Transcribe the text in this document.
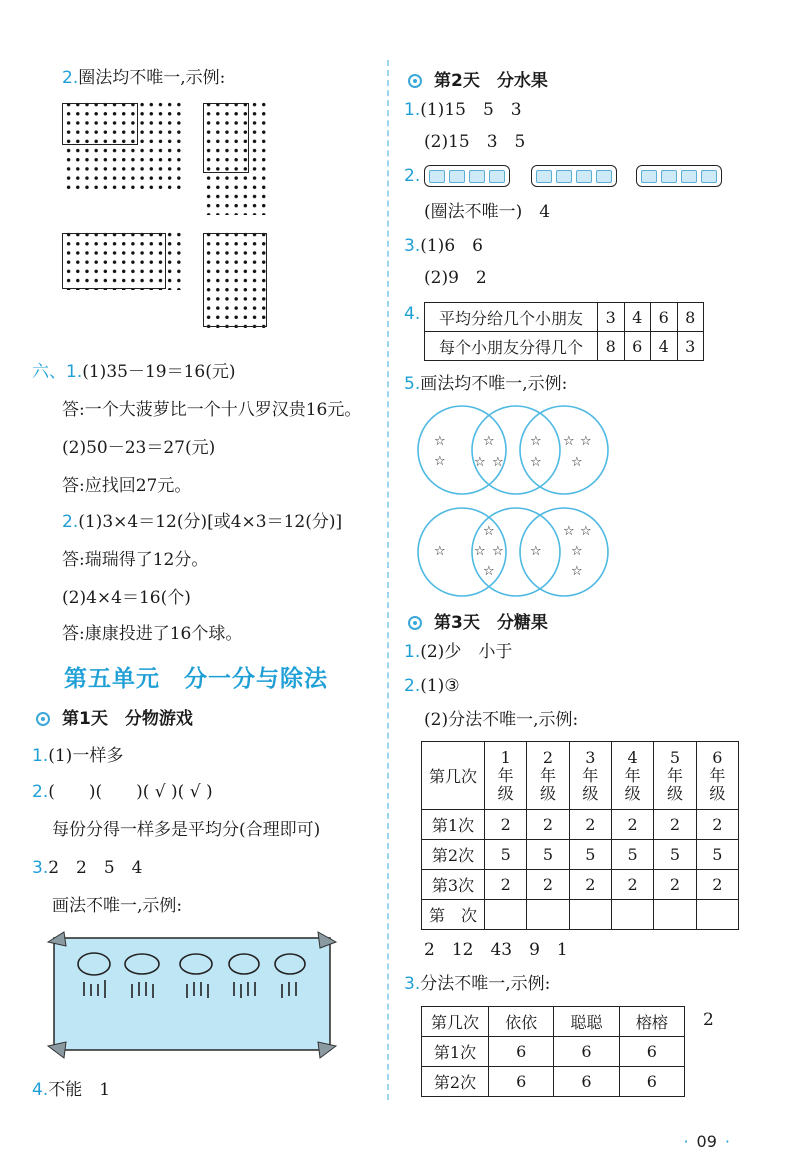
2.圈法均不唯一,示例:
六、1.(1)35－19＝16(元)
答:一个大菠萝比一个十八罗汉贵16元。
(2)50－23＝27(元)
答:应找回27元。
2.(1)3×4＝12(分)[或4×3＝12(分)]
答:瑞瑞得了12分。
(2)4×4＝16(个)
答:康康投进了16个球。
第五单元　分一分与除法
第1天　分物游戏
1.(1)一样多
2.(　　)(　　)( √ )( √ )
每份分得一样多是平均分(合理即可)
3.2　2　5　4
画法不唯一,示例:
4.不能　1
第2天　分水果
1.(1)15　5　3
(2)15　3　5
2.
(圈法不唯一)　4
3.(1)6　6
(2)9　2
4. 平均分给几个小朋友	3	4	6	8
每个小朋友分得几个	8	6	4	3
5.画法均不唯一,示例:
☆
☆
☆
☆ ☆
☆
☆
☆ ☆
☆
☆
☆
☆ ☆
☆
☆
☆ ☆
☆
☆
第3天　分糖果
1.(2)少　小于
2.(1)③
(2)分法不唯一,示例:
第几次	1
年
级	2
年
级	3
年
级	4
年
级	5
年
级	6
年
级
第1次	2	2	2	2	2	2
第2次	5	5	5	5	5	5
第3次	2	2	2	2	2	2
第　次						
2　12　43　9　1
3.分法不唯一,示例:
第几次	依依	聪聪	榕榕
第1次	6	6	6
第2次	6	6	6
2
· 09 ·
